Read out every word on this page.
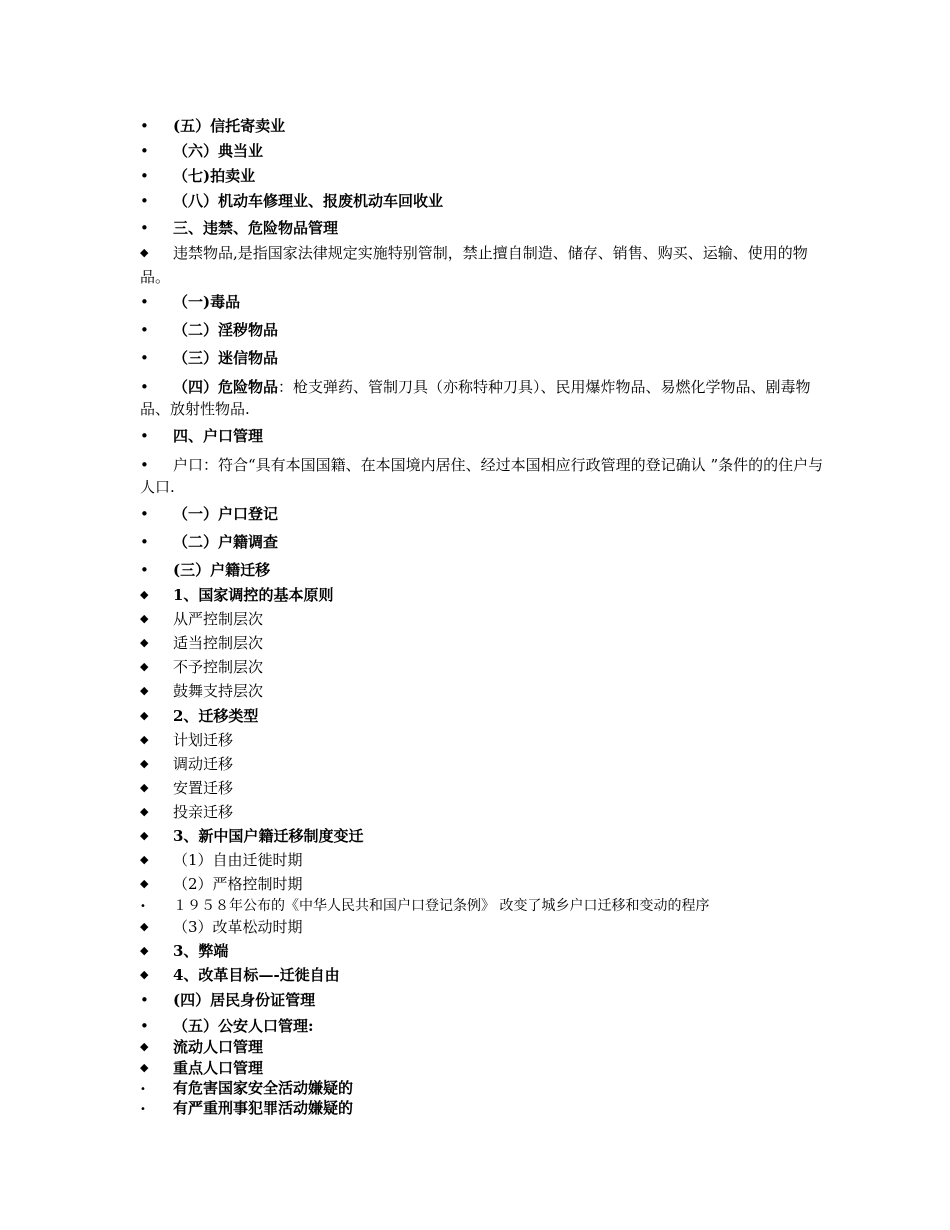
• (五）信托寄卖业
• （六）典当业
• （七)拍卖业
• （八）机动车修理业、报废机动车回收业
• 三、违禁、危险物品管理
◆ 违禁物品,是指国家法律规定实施特别管制，禁止擅自制造、储存、销售、购买、运输、使用的物品。
• （一)毒品
• （二）淫秽物品
• （三）迷信物品
• （四）危险物品：枪支弹药、管制刀具（亦称特种刀具）、民用爆炸物品、易燃化学物品、剧毒物品、放射性物品.
• 四、户口管理
• 户口：符合“具有本国国籍、在本国境内居住、经过本国相应行政管理的登记确认 ”条件的的住户与人口.
• （一）户口登记
• （二）户籍调查
• (三）户籍迁移
◆ 1、国家调控的基本原则
◆ 从严控制层次
◆ 适当控制层次
◆ 不予控制层次
◆ 鼓舞支持层次
◆ 2、迁移类型
◆ 计划迁移
◆ 调动迁移
◆ 安置迁移
◆ 投亲迁移
◆ 3、新中国户籍迁移制度变迁
◆ （1）自由迁徙时期
◆ （2）严格控制时期
• １９５８年公布的《中华人民共和国户口登记条例》 改变了城乡户口迁移和变动的程序
◆ （3）改革松动时期
◆ 3、弊端
◆ 4、改革目标—-迁徙自由
• (四）居民身份证管理
• （五）公安人口管理:
◆ 流动人口管理
◆ 重点人口管理
• 有危害国家安全活动嫌疑的
• 有严重刑事犯罪活动嫌疑的
